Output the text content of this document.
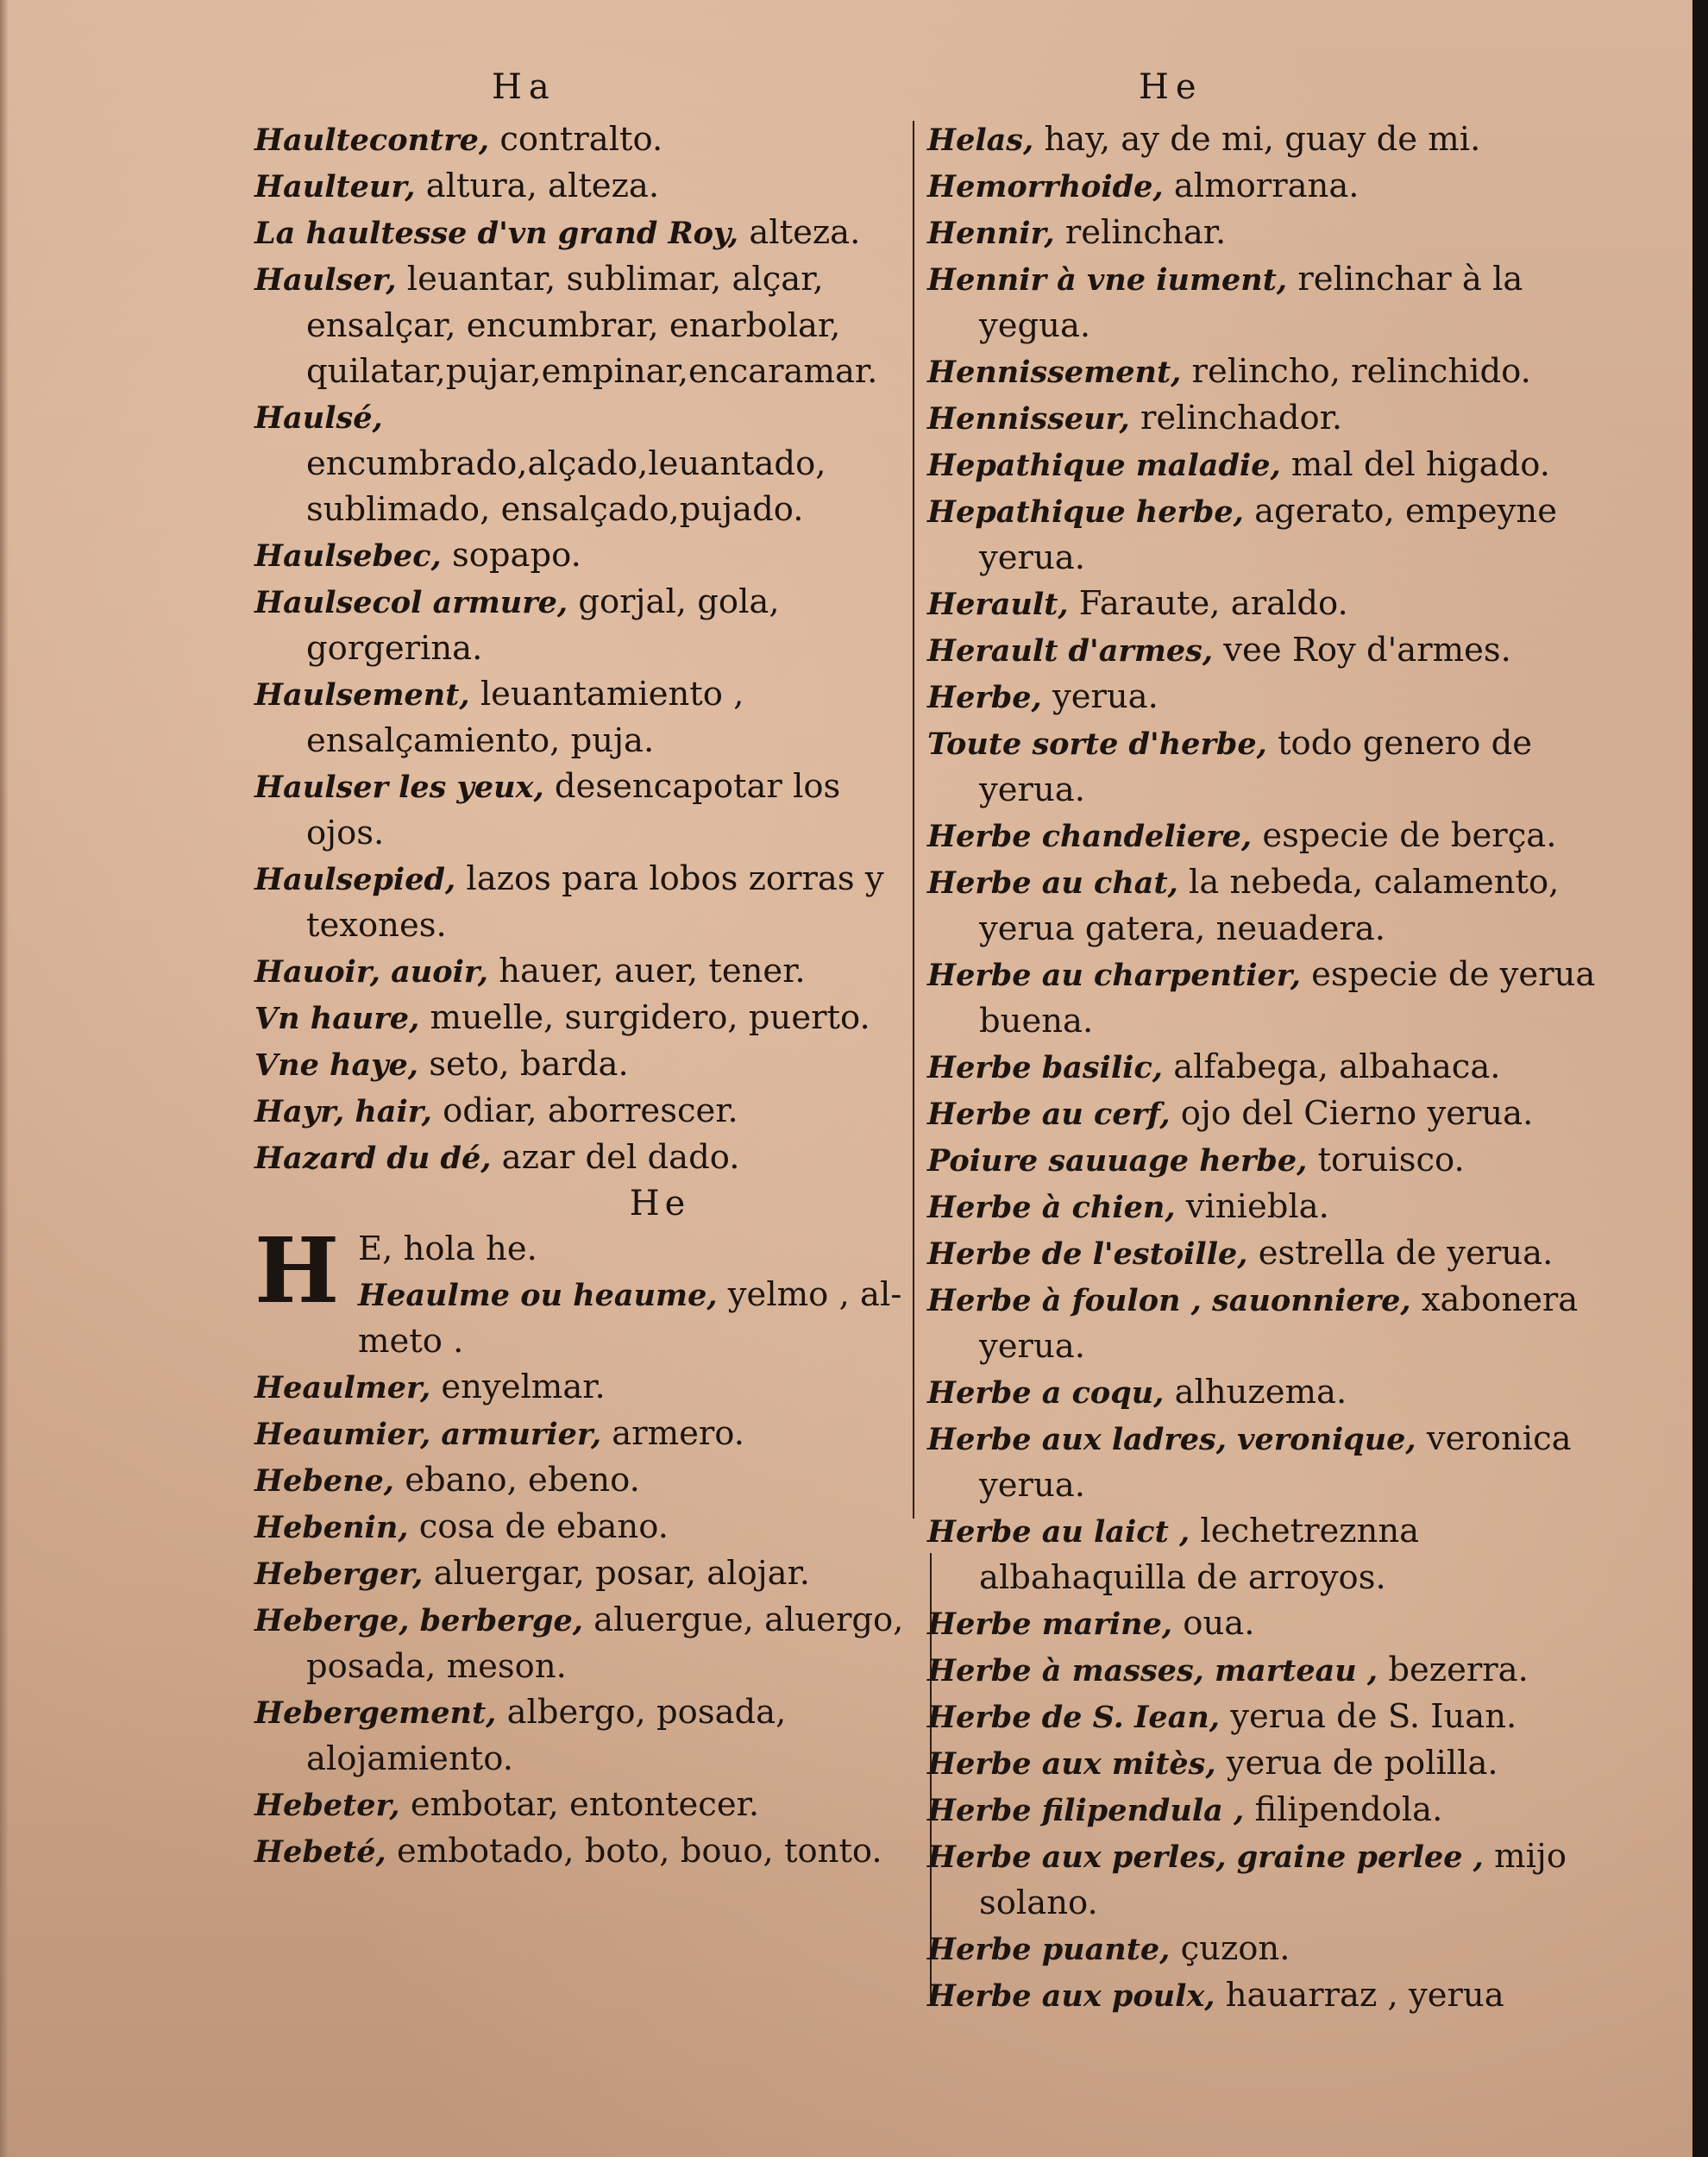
Ha	He

Haultecontre, contralto.

Haulteur, altura, alteza.

La haultesse d'vn grand Roy, alteza.

Haulser, leuantar, sublimar, alçar, ensalçar, encumbrar, enarbolar, quilatar,pujar,empinar,encaramar.

Haulsé, encumbrado,alçado,leuantado, sublimado, ensalçado,pujado.

Haulsebec, sopapo.

Haulsecol armure, gorjal, gola, gorgerina.

Haulsement, leuantamiento , ensalçamiento, puja.

Haulser les yeux, desencapotar los ojos.

Haulsepied, lazos para lobos zorras y texones.

Hauoir, auoir, hauer, auer, tener.

Vn haure, muelle, surgidero, puerto.

Vne haye, seto, barda.

Hayr, hair, odiar, aborrescer.

Hazard du dé, azar del dado.

He

H E, hola he.
Heaulme ou heaume, yelmo , al-
meto .

Heaulmer, enyelmar.

Heaumier, armurier, armero.

Hebene, ebano, ebeno.

Hebenin, cosa de ebano.

Heberger, aluergar, posar, alojar.

Heberge, berberge, aluergue, aluergo, posada, meson.

Hebergement, albergo, posada, alojamiento.

Hebeter, embotar, entontecer.

Hebeté, embotado, boto, bouo, tonto.

Helas, hay, ay de mi, guay de mi.

Hemorrhoide, almorrana.

Hennir, relinchar.

Hennir à vne iument, relinchar à la yegua.

Hennissement, relincho, relinchido.

Hennisseur, relinchador.

Hepathique maladie, mal del higado.

Hepathique herbe, agerato, empeyne yerua.

Herault, Faraute, araldo.

Herault d'armes, vee Roy d'armes.

Herbe, yerua.

Toute sorte d'herbe, todo genero de yerua.

Herbe chandeliere, especie de berça.

Herbe au chat, la nebeda, calamento, yerua gatera, neuadera.

Herbe au charpentier, especie de yerua buena.

Herbe basilic, alfabega, albahaca.

Herbe au cerf, ojo del Cierno yerua.

Poiure sauuage herbe, toruisco.

Herbe à chien, viniebla.

Herbe de l'estoille, estrella de yerua.

Herbe à foulon , sauonniere, xabonera yerua.

Herbe a coqu, alhuzema.

Herbe aux ladres, veronique, veronica yerua.

Herbe au laict , lechetreznna albahaquilla de arroyos.

Herbe marine, oua.

Herbe à masses, marteau , bezerra.

Herbe de S. Iean, yerua de S. Iuan.

Herbe aux mitès, yerua de polilla.

Herbe filipendula , filipendola.

Herbe aux perles, graine perlee , mijo solano.

Herbe puante, çuzon.

Herbe aux poulx, hauarraz , yerua
